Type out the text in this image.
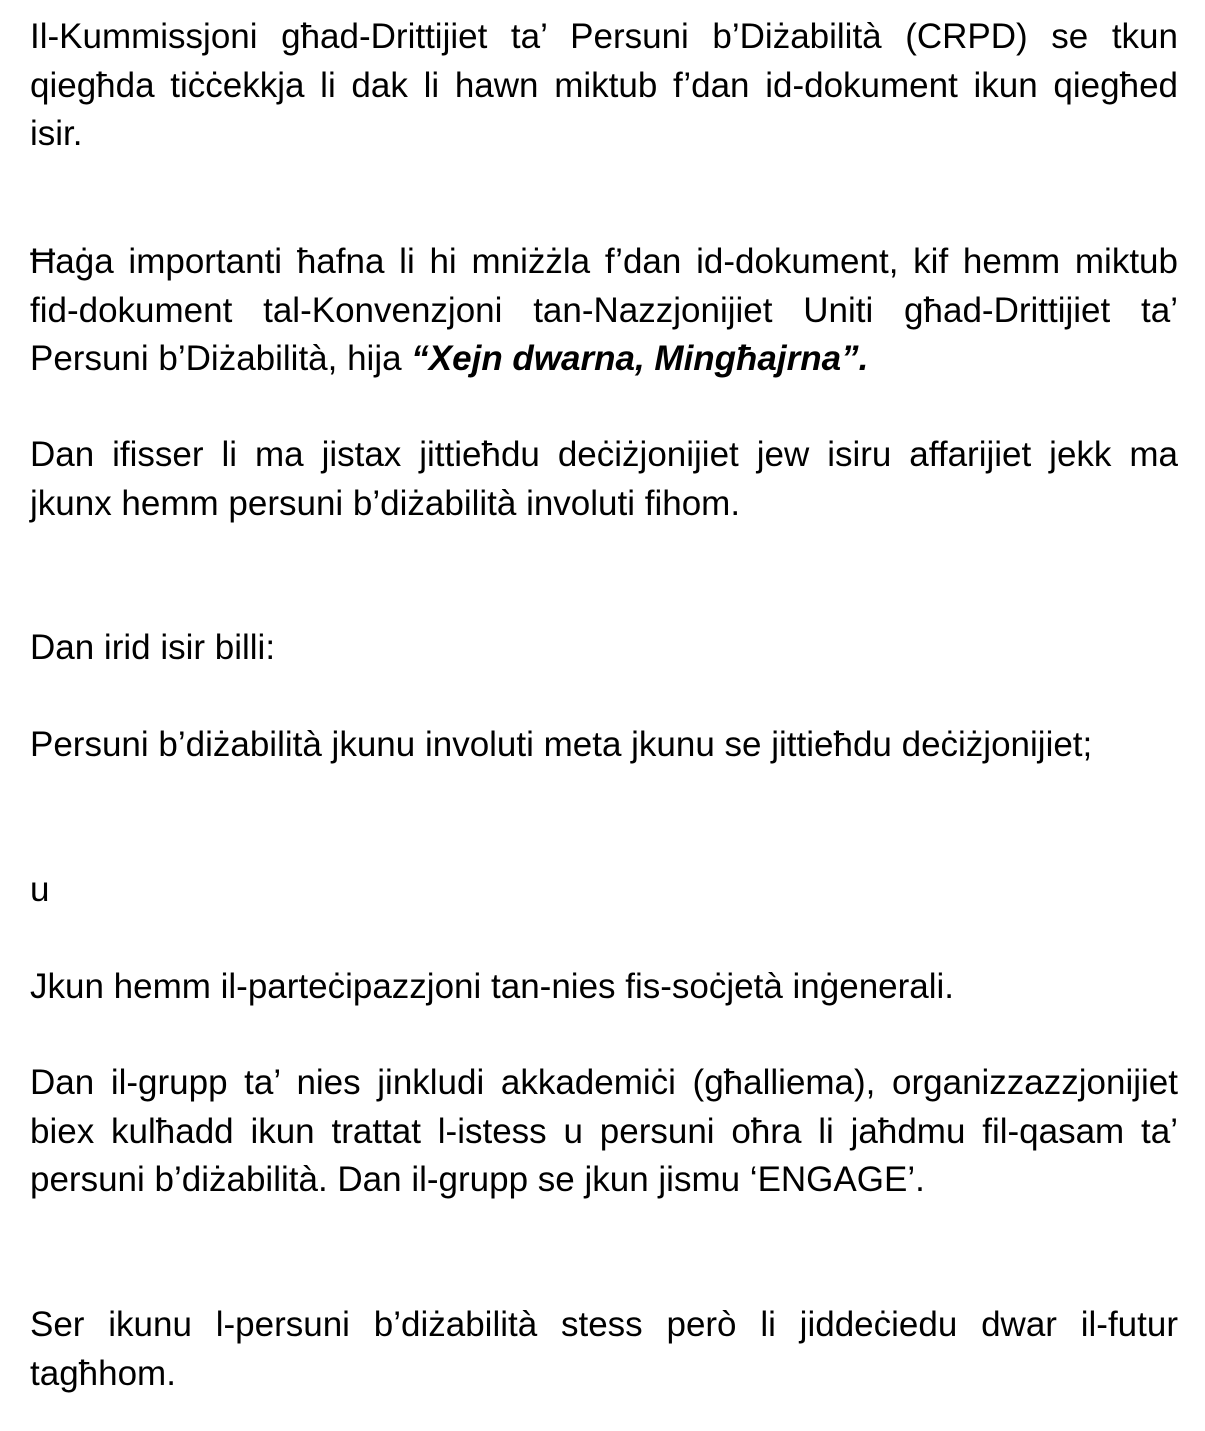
Il-Kummissjoni għad-Drittijiet ta’ Persuni b’Diżabilità (CRPD) se tkun qiegħda tiċċekkja li dak li hawn miktub f’dan id-dokument ikun qiegħed isir.

Ħaġa importanti ħafna li hi mniżżla f’dan id-dokument, kif hemm miktub fid-dokument tal-Konvenzjoni tan-Nazzjonijiet Uniti għad-Drittijiet ta’ Persuni b’Diżabilità, hija “Xejn dwarna, Mingħajrna”.

Dan ifisser li ma jistax jittieħdu deċiżjonijiet jew isiru affarijiet jekk ma jkunx hemm persuni b’diżabilità involuti fihom.

Dan irid isir billi:

Persuni b’diżabilità jkunu involuti meta jkunu se jittieħdu deċiżjonijiet;

u

Jkun hemm il-parteċipazzjoni tan-nies fis-soċjetà inġenerali.

Dan il-grupp ta’ nies jinkludi akkademiċi (għalliema), organizzazzjonijiet biex kulħadd ikun trattat l-istess u persuni oħra li jaħdmu fil-qasam ta’ persuni b’diżabilità. Dan il-grupp se jkun jismu ‘ENGAGE’.

Ser ikunu l-persuni b’diżabilità stess però li jiddeċiedu dwar il-futur tagħhom.
